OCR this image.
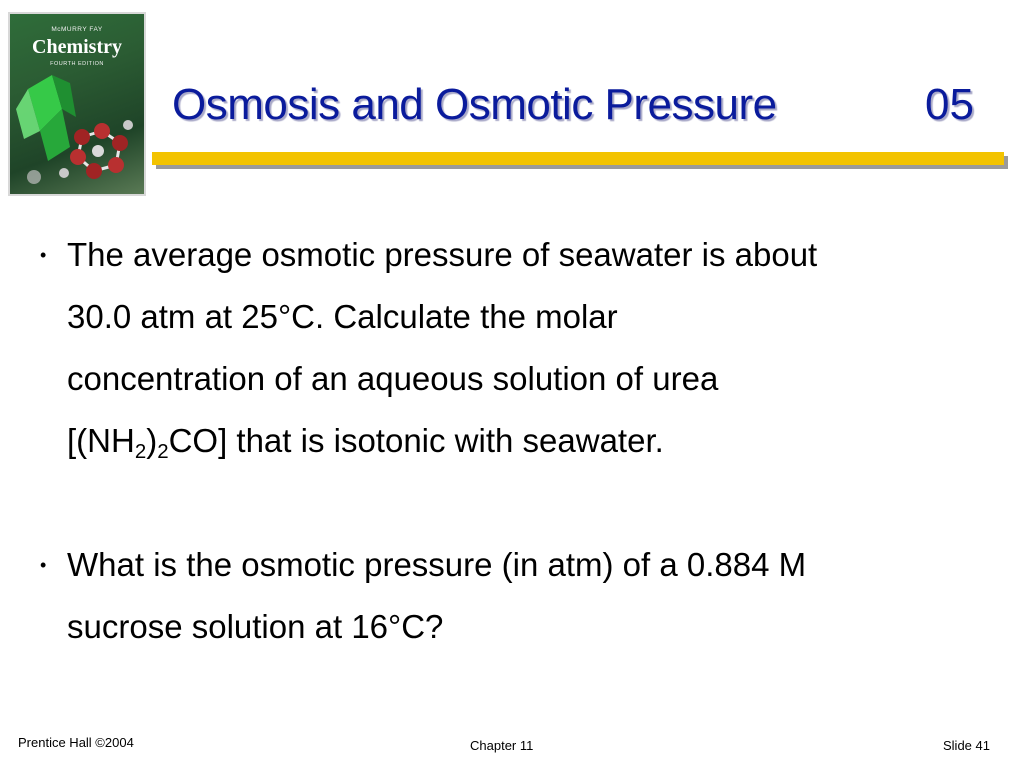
McMURRY FAY
Chemistry
FOURTH EDITION
Osmosis and Osmotic Pressure	05
• The average osmotic pressure of seawater is about
30.0 atm at 25°C. Calculate the molar
concentration of an aqueous solution of urea
$[(NH_2)_2CO]$ that is isotonic with seawater.
• What is the osmotic pressure (in atm) of a 0.884 M
sucrose solution at 16°C?
Prentice Hall ©2004	Chapter 11	Slide 41
